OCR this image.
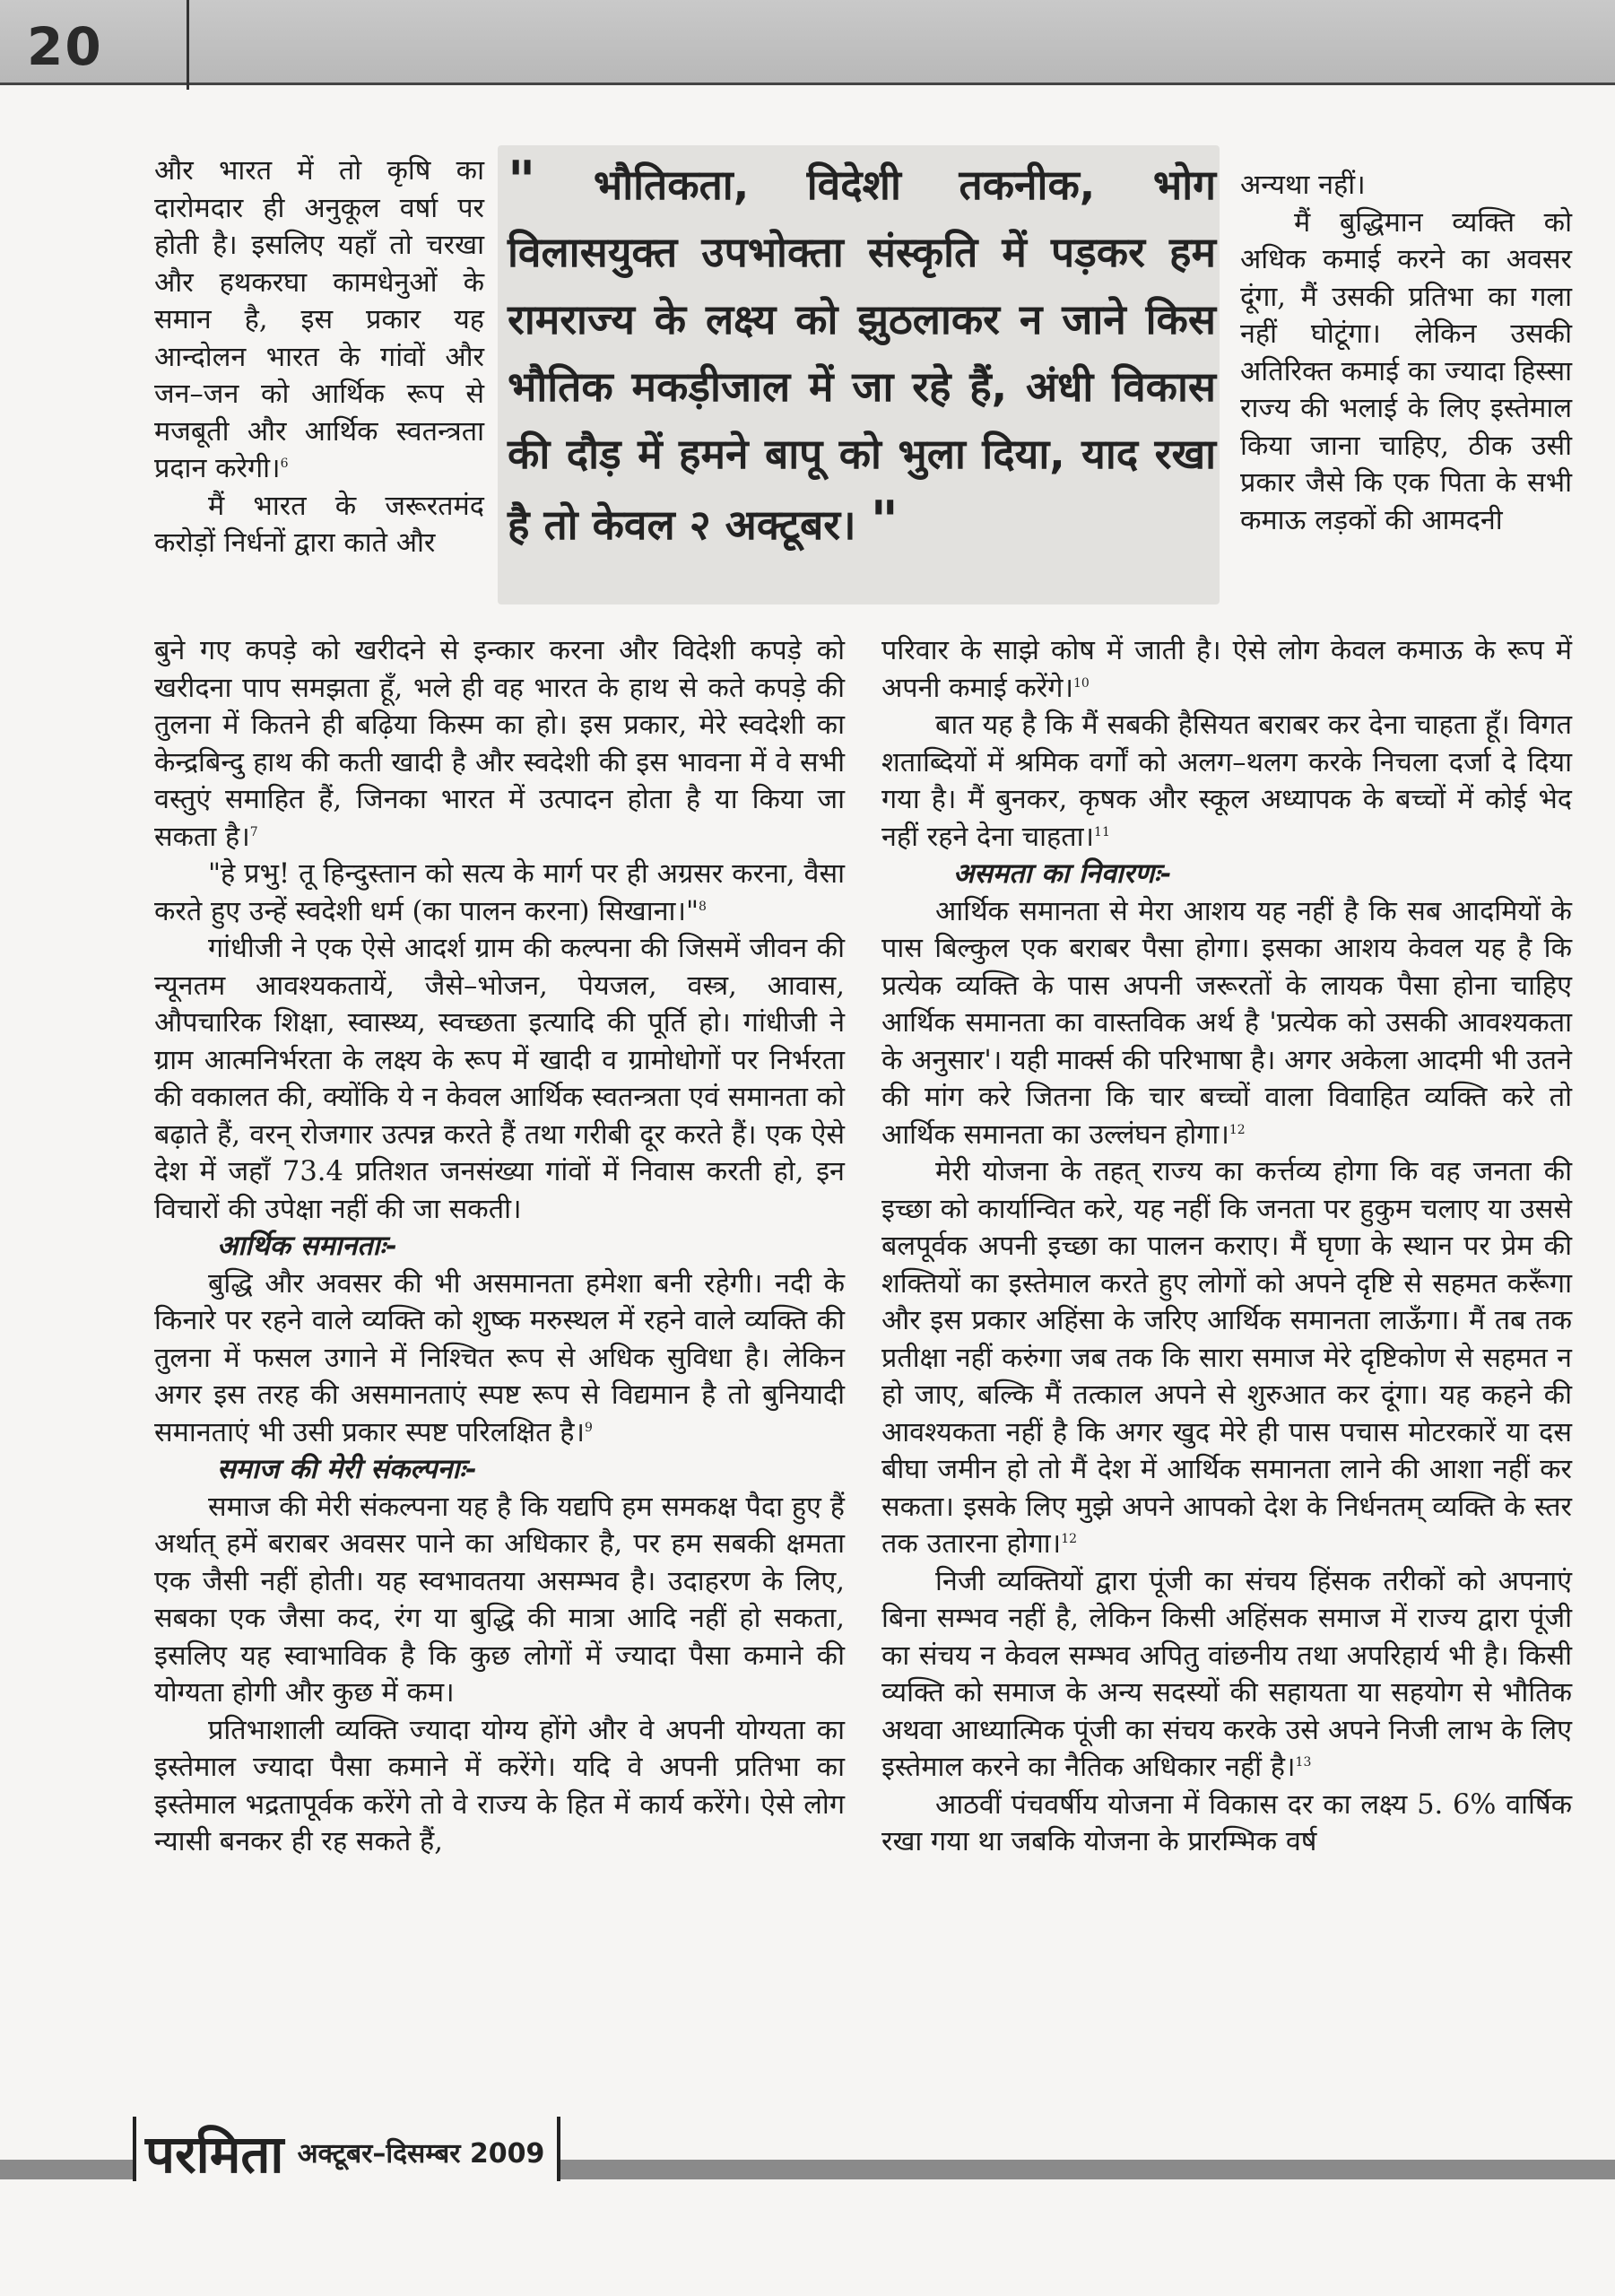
20
" भौतिकता, विदेशी तकनीक, भोग विलासयुक्त उपभोक्ता संस्कृति में पड़कर हम रामराज्य के लक्ष्य को झुठलाकर न जाने किस भौतिक मकड़ीजाल में जा रहे हैं, अंधी विकास की दौड़ में हमने बापू को भुला दिया, याद रखा है तो केवल २ अक्टूबर। "

और भारत में तो कृषि का दारोमदार ही अनुकूल वर्षा पर होती है। इसलिए यहाँ तो चरखा और हथकरघा कामधेनुओं के समान है, इस प्रकार यह आन्दोलन भारत के गांवों और जन–जन को आर्थिक रूप से मजबूती और आर्थिक स्वतन्त्रता प्रदान करेगी।$^6$

मैं भारत के जरूरतमंद करोड़ों निर्धनों द्वारा काते और

अन्यथा नहीं।

मैं बुद्धिमान व्यक्ति को अधिक कमाई करने का अवसर दूंगा, मैं उसकी प्रतिभा का गला नहीं घोटूंगा। लेकिन उसकी अतिरिक्त कमाई का ज्यादा हिस्सा राज्य की भलाई के लिए इस्तेमाल किया जाना चाहिए, ठीक उसी प्रकार जैसे कि एक पिता के सभी कमाऊ लड़कों की आमदनी

बुने गए कपड़े को खरीदने से इन्कार करना और विदेशी कपड़े को खरीदना पाप समझता हूँ, भले ही वह भारत के हाथ से कते कपड़े की तुलना में कितने ही बढ़िया किस्म का हो। इस प्रकार, मेरे स्वदेशी का केन्द्रबिन्दु हाथ की कती खादी है और स्वदेशी की इस भावना में वे सभी वस्तुएं समाहित हैं, जिनका भारत में उत्पादन होता है या किया जा सकता है।$^7$

"हे प्रभु! तू हिन्दुस्तान को सत्य के मार्ग पर ही अग्रसर करना, वैसा करते हुए उन्हें स्वदेशी धर्म (का पालन करना) सिखाना।"$^8$

गांधीजी ने एक ऐसे आदर्श ग्राम की कल्पना की जिसमें जीवन की न्यूनतम आवश्यकतायें, जैसे–भोजन, पेयजल, वस्त्र, आवास, औपचारिक शिक्षा, स्वास्थ्य, स्वच्छता इत्यादि की पूर्ति हो। गांधीजी ने ग्राम आत्मनिर्भरता के लक्ष्य के रूप में खादी व ग्रामोधोगों पर निर्भरता की वकालत की, क्योंकि ये न केवल आर्थिक स्वतन्त्रता एवं समानता को बढ़ाते हैं, वरन् रोजगार उत्पन्न करते हैं तथा गरीबी दूर करते हैं। एक ऐसे देश में जहाँ 73.4 प्रतिशत जनसंख्या गांवों में निवास करती हो, इन विचारों की उपेक्षा नहीं की जा सकती।

आर्थिक समानताः-

बुद्धि और अवसर की भी असमानता हमेशा बनी रहेगी। नदी के किनारे पर रहने वाले व्यक्ति को शुष्क मरुस्थल में रहने वाले व्यक्ति की तुलना में फसल उगाने में निश्चित रूप से अधिक सुविधा है। लेकिन अगर इस तरह की असमानताएं स्पष्ट रूप से विद्यमान है तो बुनियादी समानताएं भी उसी प्रकार स्पष्ट परिलक्षित है।$^9$

समाज की मेरी संकल्पनाः-

समाज की मेरी संकल्पना यह है कि यद्यपि हम समकक्ष पैदा हुए हैं अर्थात् हमें बराबर अवसर पाने का अधिकार है, पर हम सबकी क्षमता एक जैसी नहीं होती। यह स्वभावतया असम्भव है। उदाहरण के लिए, सबका एक जैसा कद, रंग या बुद्धि की मात्रा आदि नहीं हो सकता, इसलिए यह स्वाभाविक है कि कुछ लोगों में ज्यादा पैसा कमाने की योग्यता होगी और कुछ में कम।

प्रतिभाशाली व्यक्ति ज्यादा योग्य होंगे और वे अपनी योग्यता का इस्तेमाल ज्यादा पैसा कमाने में करेंगे। यदि वे अपनी प्रतिभा का इस्तेमाल भद्रतापूर्वक करेंगे तो वे राज्य के हित में कार्य करेंगे। ऐसे लोग न्यासी बनकर ही रह सकते हैं,

परिवार के साझे कोष में जाती है। ऐसे लोग केवल कमाऊ के रूप में अपनी कमाई करेंगे।$^{10}$

बात यह है कि मैं सबकी हैसियत बराबर कर देना चाहता हूँ। विगत शताब्दियों में श्रमिक वर्गों को अलग–थलग करके निचला दर्जा दे दिया गया है। मैं बुनकर, कृषक और स्कूल अध्यापक के बच्चों में कोई भेद नहीं रहने देना चाहता।$^{11}$

असमता का निवारणः-

आर्थिक समानता से मेरा आशय यह नहीं है कि सब आदमियों के पास बिल्कुल एक बराबर पैसा होगा। इसका आशय केवल यह है कि प्रत्येक व्यक्ति के पास अपनी जरूरतों के लायक पैसा होना चाहिए आर्थिक समानता का वास्तविक अर्थ है 'प्रत्येक को उसकी आवश्यकता के अनुसार'। यही मार्क्स की परिभाषा है। अगर अकेला आदमी भी उतने की मांग करे जितना कि चार बच्चों वाला विवाहित व्यक्ति करे तो आर्थिक समानता का उल्लंघन होगा।$^{12}$

मेरी योजना के तहत् राज्य का कर्त्तव्य होगा कि वह जनता की इच्छा को कार्यान्वित करे, यह नहीं कि जनता पर हुकुम चलाए या उससे बलपूर्वक अपनी इच्छा का पालन कराए। मैं घृणा के स्थान पर प्रेम की शक्तियों का इस्तेमाल करते हुए लोगों को अपने दृष्टि से सहमत करूँगा और इस प्रकार अहिंसा के जरिए आर्थिक समानता लाऊँगा। मैं तब तक प्रतीक्षा नहीं करुंगा जब तक कि सारा समाज मेरे दृष्टिकोण से सहमत न हो जाए, बल्कि मैं तत्काल अपने से शुरुआत कर दूंगा। यह कहने की आवश्यकता नहीं है कि अगर खुद मेरे ही पास पचास मोटरकारें या दस बीघा जमीन हो तो मैं देश में आर्थिक समानता लाने की आशा नहीं कर सकता। इसके लिए मुझे अपने आपको देश के निर्धनतम् व्यक्ति के स्तर तक उतारना होगा।$^{12}$

निजी व्यक्तियों द्वारा पूंजी का संचय हिंसक तरीकों को अपनाएं बिना सम्भव नहीं है, लेकिन किसी अहिंसक समाज में राज्य द्वारा पूंजी का संचय न केवल सम्भव अपितु वांछनीय तथा अपरिहार्य भी है। किसी व्यक्ति को समाज के अन्य सदस्यों की सहायता या सहयोग से भौतिक अथवा आध्यात्मिक पूंजी का संचय करके उसे अपने निजी लाभ के लिए इस्तेमाल करने का नैतिक अधिकार नहीं है।$^{13}$

आठवीं पंचवर्षीय योजना में विकास दर का लक्ष्य 5. 6% वार्षिक रखा गया था जबकि योजना के प्रारम्भिक वर्ष

परमिता अक्टूबर–दिसम्बर 2009
